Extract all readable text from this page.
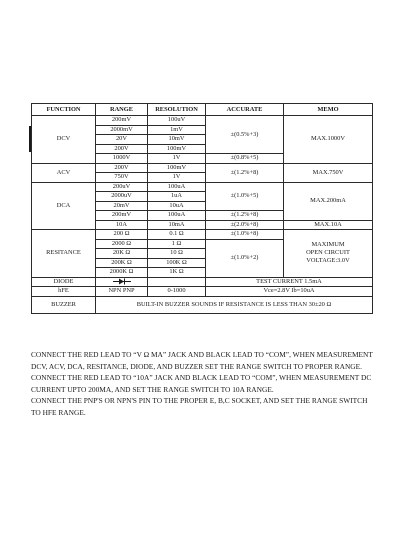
FUNCTION	RANGE	RESOLUTION	ACCURATE	MEMO
DCV	200mV	100uV	±(0.5%+3)	MAX.1000V
	2000mV	1mV		
	20V	10mV		
	200V	100mV		
	1000V	1V	±(0.8%+5)	
ACV	200V	100mV	±(1.2%+8)	MAX.750V
	750V	1V		
DCA	200uV	100uA	±(1.0%+5)	MAX.200mA
	2000uV	1uA		
	20mV	10uA		
	200mV	100uA	±(1.2%+8)	
	10A	10mA	±(2.0%+8)	MAX.10A
RESITANCE	200 Ω	0.1 Ω	±(1.0%+8)	MAXIMUM
OPEN CIRCUIT
VOLTAGE:3.0V
	2000 Ω	1 Ω	±(1.0%+2)	
	20K Ω	10 Ω		
	200K Ω	100K Ω		
	2000K Ω	1K Ω		
DIODE			TEST CURRENT 1.5mA	
hFE	NPN PNP	0-1000	Vce=2.8V Ib=10uA	
BUZZER	BUILT-IN BUZZER SOUNDS IF RESISTANCE IS LESS THAN 30±20 Ω			

CONNECT THE RED LEAD TO “V Ω MA” JACK AND BLACK LEAD TO “COM”, WHEN MEASUREMENT DCV, ACV, DCA, RESITANCE, DIODE, AND BUZZER SET THE RANGE SWITCH TO PROPER RANGE.

CONNECT THE RED LEAD TO “10A” JACK AND BLACK LEAD TO “COM”, WHEN MEASUREMENT DC CURRENT UPTO 200MA, AND SET THE RANGE SWITCH TO 10A RANGE.

CONNECT THE PNP'S OR NPN'S PIN TO THE PROPER E, B,C SOCKET, AND SET THE RANGE SWITCH TO HFE RANGE.
